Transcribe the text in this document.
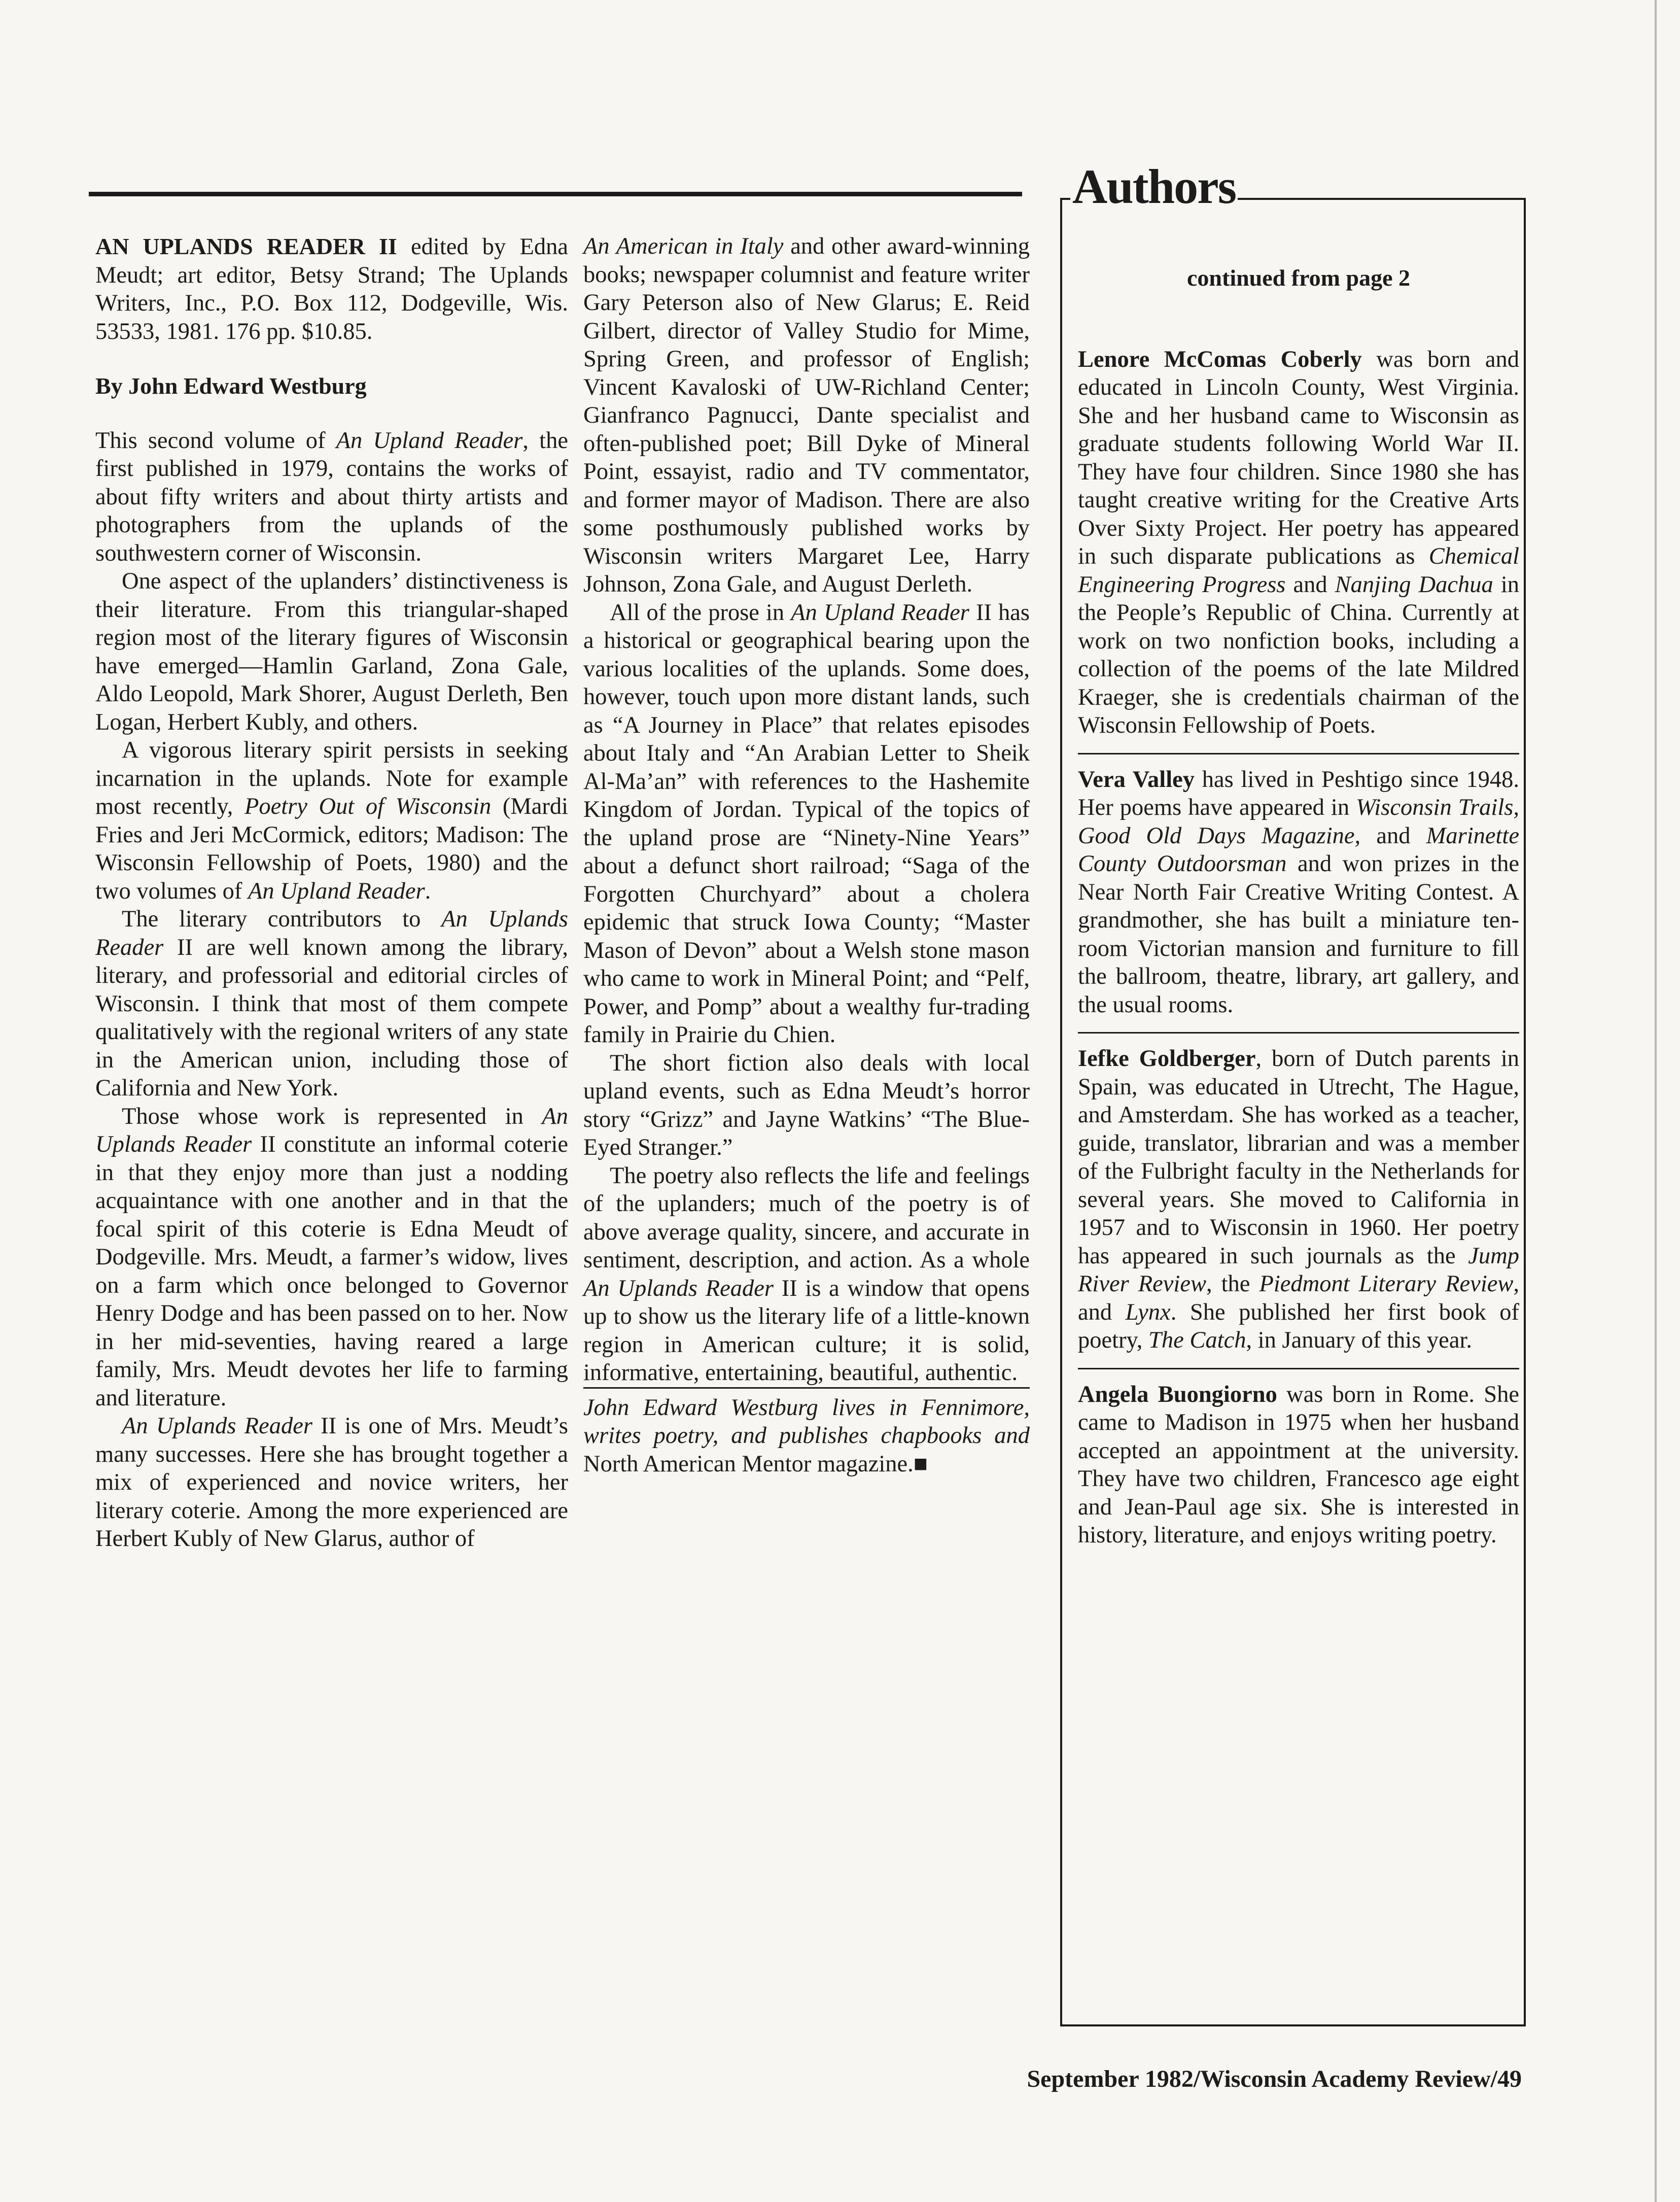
AN UPLANDS READER II edited by Edna Meudt; art editor, Betsy Strand; The Uplands Writers, Inc., P.O. Box 112, Dodgeville, Wis. 53533, 1981. 176 pp. $10.85.

By John Edward Westburg

This second volume of An Upland Reader, the first published in 1979, contains the works of about fifty writers and about thirty artists and photographers from the uplands of the southwestern corner of Wisconsin.

One aspect of the uplanders’ distinctiveness is their literature. From this triangular-shaped region most of the literary figures of Wisconsin have emerged—Hamlin Garland, Zona Gale, Aldo Leopold, Mark Shorer, August Derleth, Ben Logan, Herbert Kubly, and others.

A vigorous literary spirit persists in seeking incarnation in the uplands. Note for example most recently, Poetry Out of Wisconsin (Mardi Fries and Jeri McCormick, editors; Madison: The Wisconsin Fellowship of Poets, 1980) and the two volumes of An Upland Reader.

The literary contributors to An Uplands Reader II are well known among the library, literary, and professorial and editorial circles of Wisconsin. I think that most of them compete qualitatively with the regional writers of any state in the American union, including those of California and New York.

Those whose work is represented in An Uplands Reader II constitute an informal coterie in that they enjoy more than just a nodding acquaintance with one another and in that the focal spirit of this coterie is Edna Meudt of Dodgeville. Mrs. Meudt, a farmer’s widow, lives on a farm which once belonged to Governor Henry Dodge and has been passed on to her. Now in her mid-seventies, having reared a large family, Mrs. Meudt devotes her life to farming and literature.

An Uplands Reader II is one of Mrs. Meudt’s many successes. Here she has brought together a mix of experienced and novice writers, her literary coterie. Among the more experienced are Herbert Kubly of New Glarus, author of

An American in Italy and other award-winning books; newspaper columnist and feature writer Gary Peterson also of New Glarus; E. Reid Gilbert, director of Valley Studio for Mime, Spring Green, and professor of English; Vincent Kavaloski of UW-Richland Center; Gianfranco Pagnucci, Dante specialist and often-published poet; Bill Dyke of Mineral Point, essayist, radio and TV commentator, and former mayor of Madison. There are also some posthumously published works by Wisconsin writers Margaret Lee, Harry Johnson, Zona Gale, and August Derleth.

All of the prose in An Upland Reader II has a historical or geographical bearing upon the various localities of the uplands. Some does, however, touch upon more distant lands, such as “A Journey in Place” that relates episodes about Italy and “An Arabian Letter to Sheik Al-Ma’an” with references to the Hashemite Kingdom of Jordan. Typical of the topics of the upland prose are “Ninety-Nine Years” about a defunct short railroad; “Saga of the Forgotten Churchyard” about a cholera epidemic that struck Iowa County; “Master Mason of Devon” about a Welsh stone mason who came to work in Mineral Point; and “Pelf, Power, and Pomp” about a wealthy fur-trading family in Prairie du Chien.

The short fiction also deals with local upland events, such as Edna Meudt’s horror story “Grizz” and Jayne Watkins’ “The Blue-Eyed Stranger.”

The poetry also reflects the life and feelings of the uplanders; much of the poetry is of above average quality, sincere, and accurate in sentiment, description, and action. As a whole An Uplands Reader II is a window that opens up to show us the literary life of a little-known region in American culture; it is solid, informative, entertaining, beautiful, authentic.

John Edward Westburg lives in Fennimore, writes poetry, and publishes chapbooks and North American Mentor magazine.■

Authors

continued from page 2

Lenore McComas Coberly was born and educated in Lincoln County, West Virginia. She and her husband came to Wisconsin as graduate students following World War II. They have four children. Since 1980 she has taught creative writing for the Creative Arts Over Sixty Project. Her poetry has appeared in such disparate publications as Chemical Engineering Progress and Nanjing Dachua in the People’s Republic of China. Currently at work on two nonfiction books, including a collection of the poems of the late Mildred Kraeger, she is credentials chairman of the Wisconsin Fellowship of Poets.

Vera Valley has lived in Peshtigo since 1948. Her poems have appeared in Wisconsin Trails, Good Old Days Magazine, and Marinette County Outdoorsman and won prizes in the Near North Fair Creative Writing Contest. A grandmother, she has built a miniature ten-room Victorian mansion and furniture to fill the ballroom, theatre, library, art gallery, and the usual rooms.

Iefke Goldberger, born of Dutch parents in Spain, was educated in Utrecht, The Hague, and Amsterdam. She has worked as a teacher, guide, translator, librarian and was a member of the Fulbright faculty in the Netherlands for several years. She moved to California in 1957 and to Wisconsin in 1960. Her poetry has appeared in such journals as the Jump River Review, the Piedmont Literary Review, and Lynx. She published her first book of poetry, The Catch, in January of this year.

Angela Buongiorno was born in Rome. She came to Madison in 1975 when her husband accepted an appointment at the university. They have two children, Francesco age eight and Jean-Paul age six. She is interested in history, literature, and enjoys writing poetry.

September 1982/Wisconsin Academy Review/49
